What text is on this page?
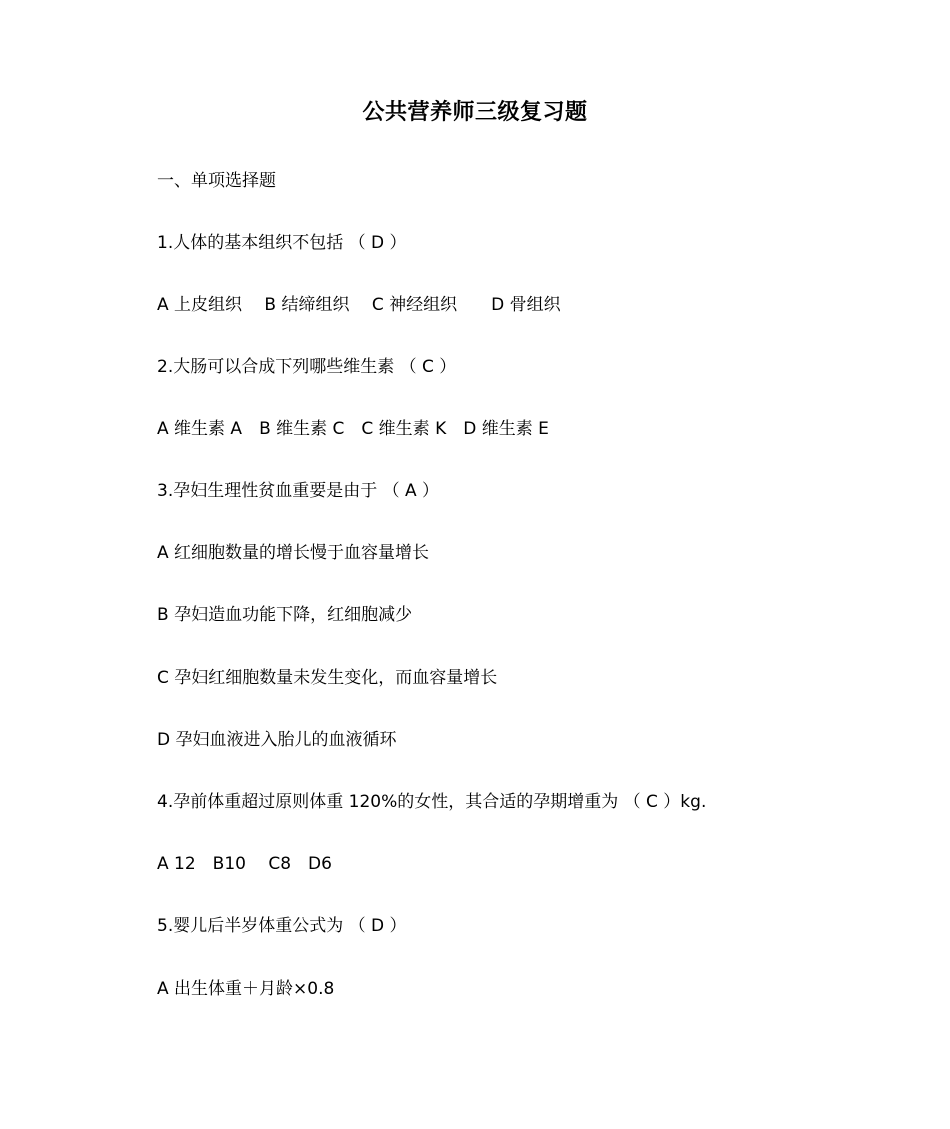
公共营养师三级复习题
一、单项选择题
1.人体的基本组织不包括 （ D ）
A 上皮组织　 B 结缔组织　 C 神经组织　　D 骨组织
2.大肠可以合成下列哪些维生素 （ C ）
A 维生素 A　B 维生素 C　C 维生素 K　D 维生素 E
3.孕妇生理性贫血重要是由于 （ A ）
A 红细胞数量的增长慢于血容量增长
B 孕妇造血功能下降，红细胞减少
C 孕妇红细胞数量未发生变化，而血容量增长
D 孕妇血液进入胎儿的血液循环
4.孕前体重超过原则体重 120%的女性，其合适的孕期增重为 （ C ）kg.
A 12　B10　 C8　D6
5.婴儿后半岁体重公式为 （ D ）
A 出生体重＋月龄×0.8
